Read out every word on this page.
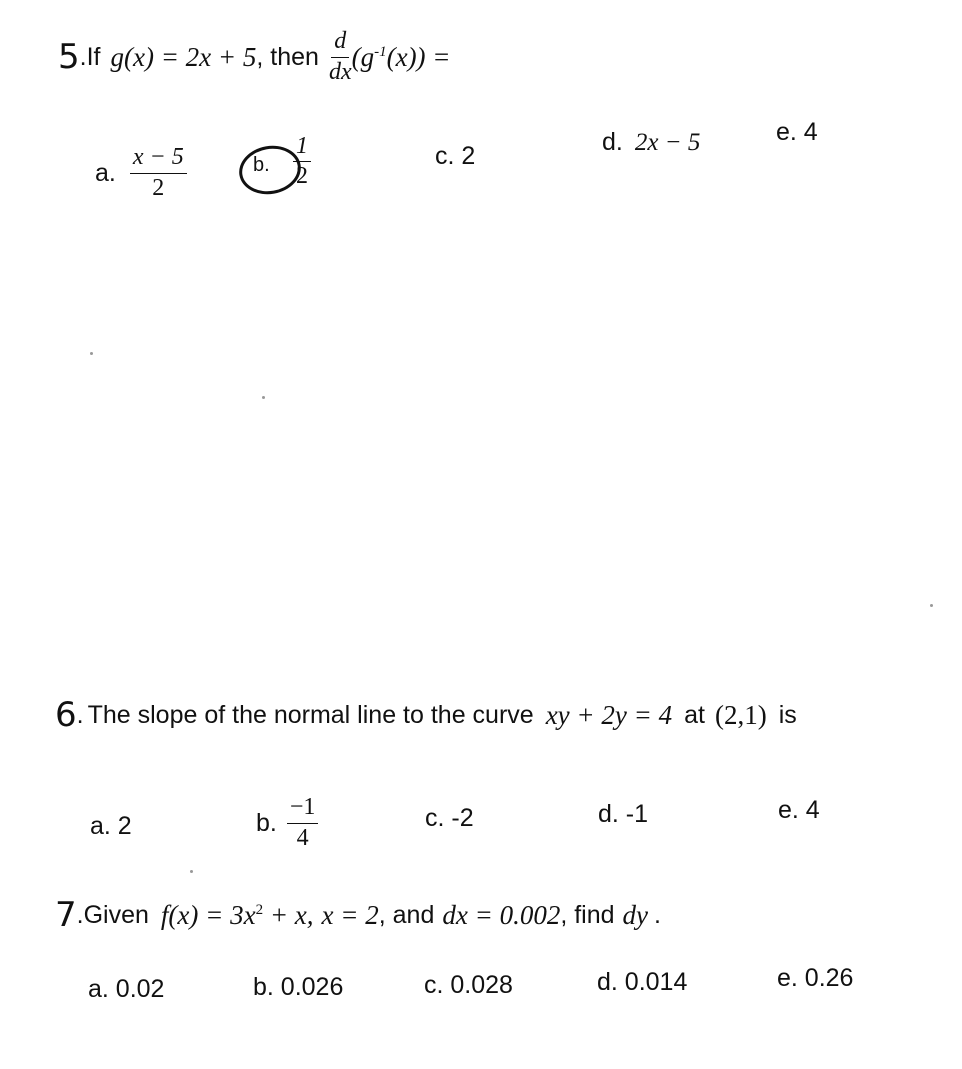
5 .If g(x) = 2x + 5 , then $\frac{d}{dx} (g^{-1}(x))$ =
a. $\frac{x - 5}{2}$	b. $\frac{1}{2}$	c. 2	d. 2x − 5	e. 4
6 . The slope of the normal line to the curve xy + 2y = 4 at (2,1) is
a. 2	b. $\frac{-1}{4}$	c. -2	d. -1	e. 4
7 . Given $f(x) = 3x^2 + x$, x = 2 , and dx = 0.002 , find dy .
a. 0.02	b. 0.026	c. 0.028	d. 0.014	e. 0.26
